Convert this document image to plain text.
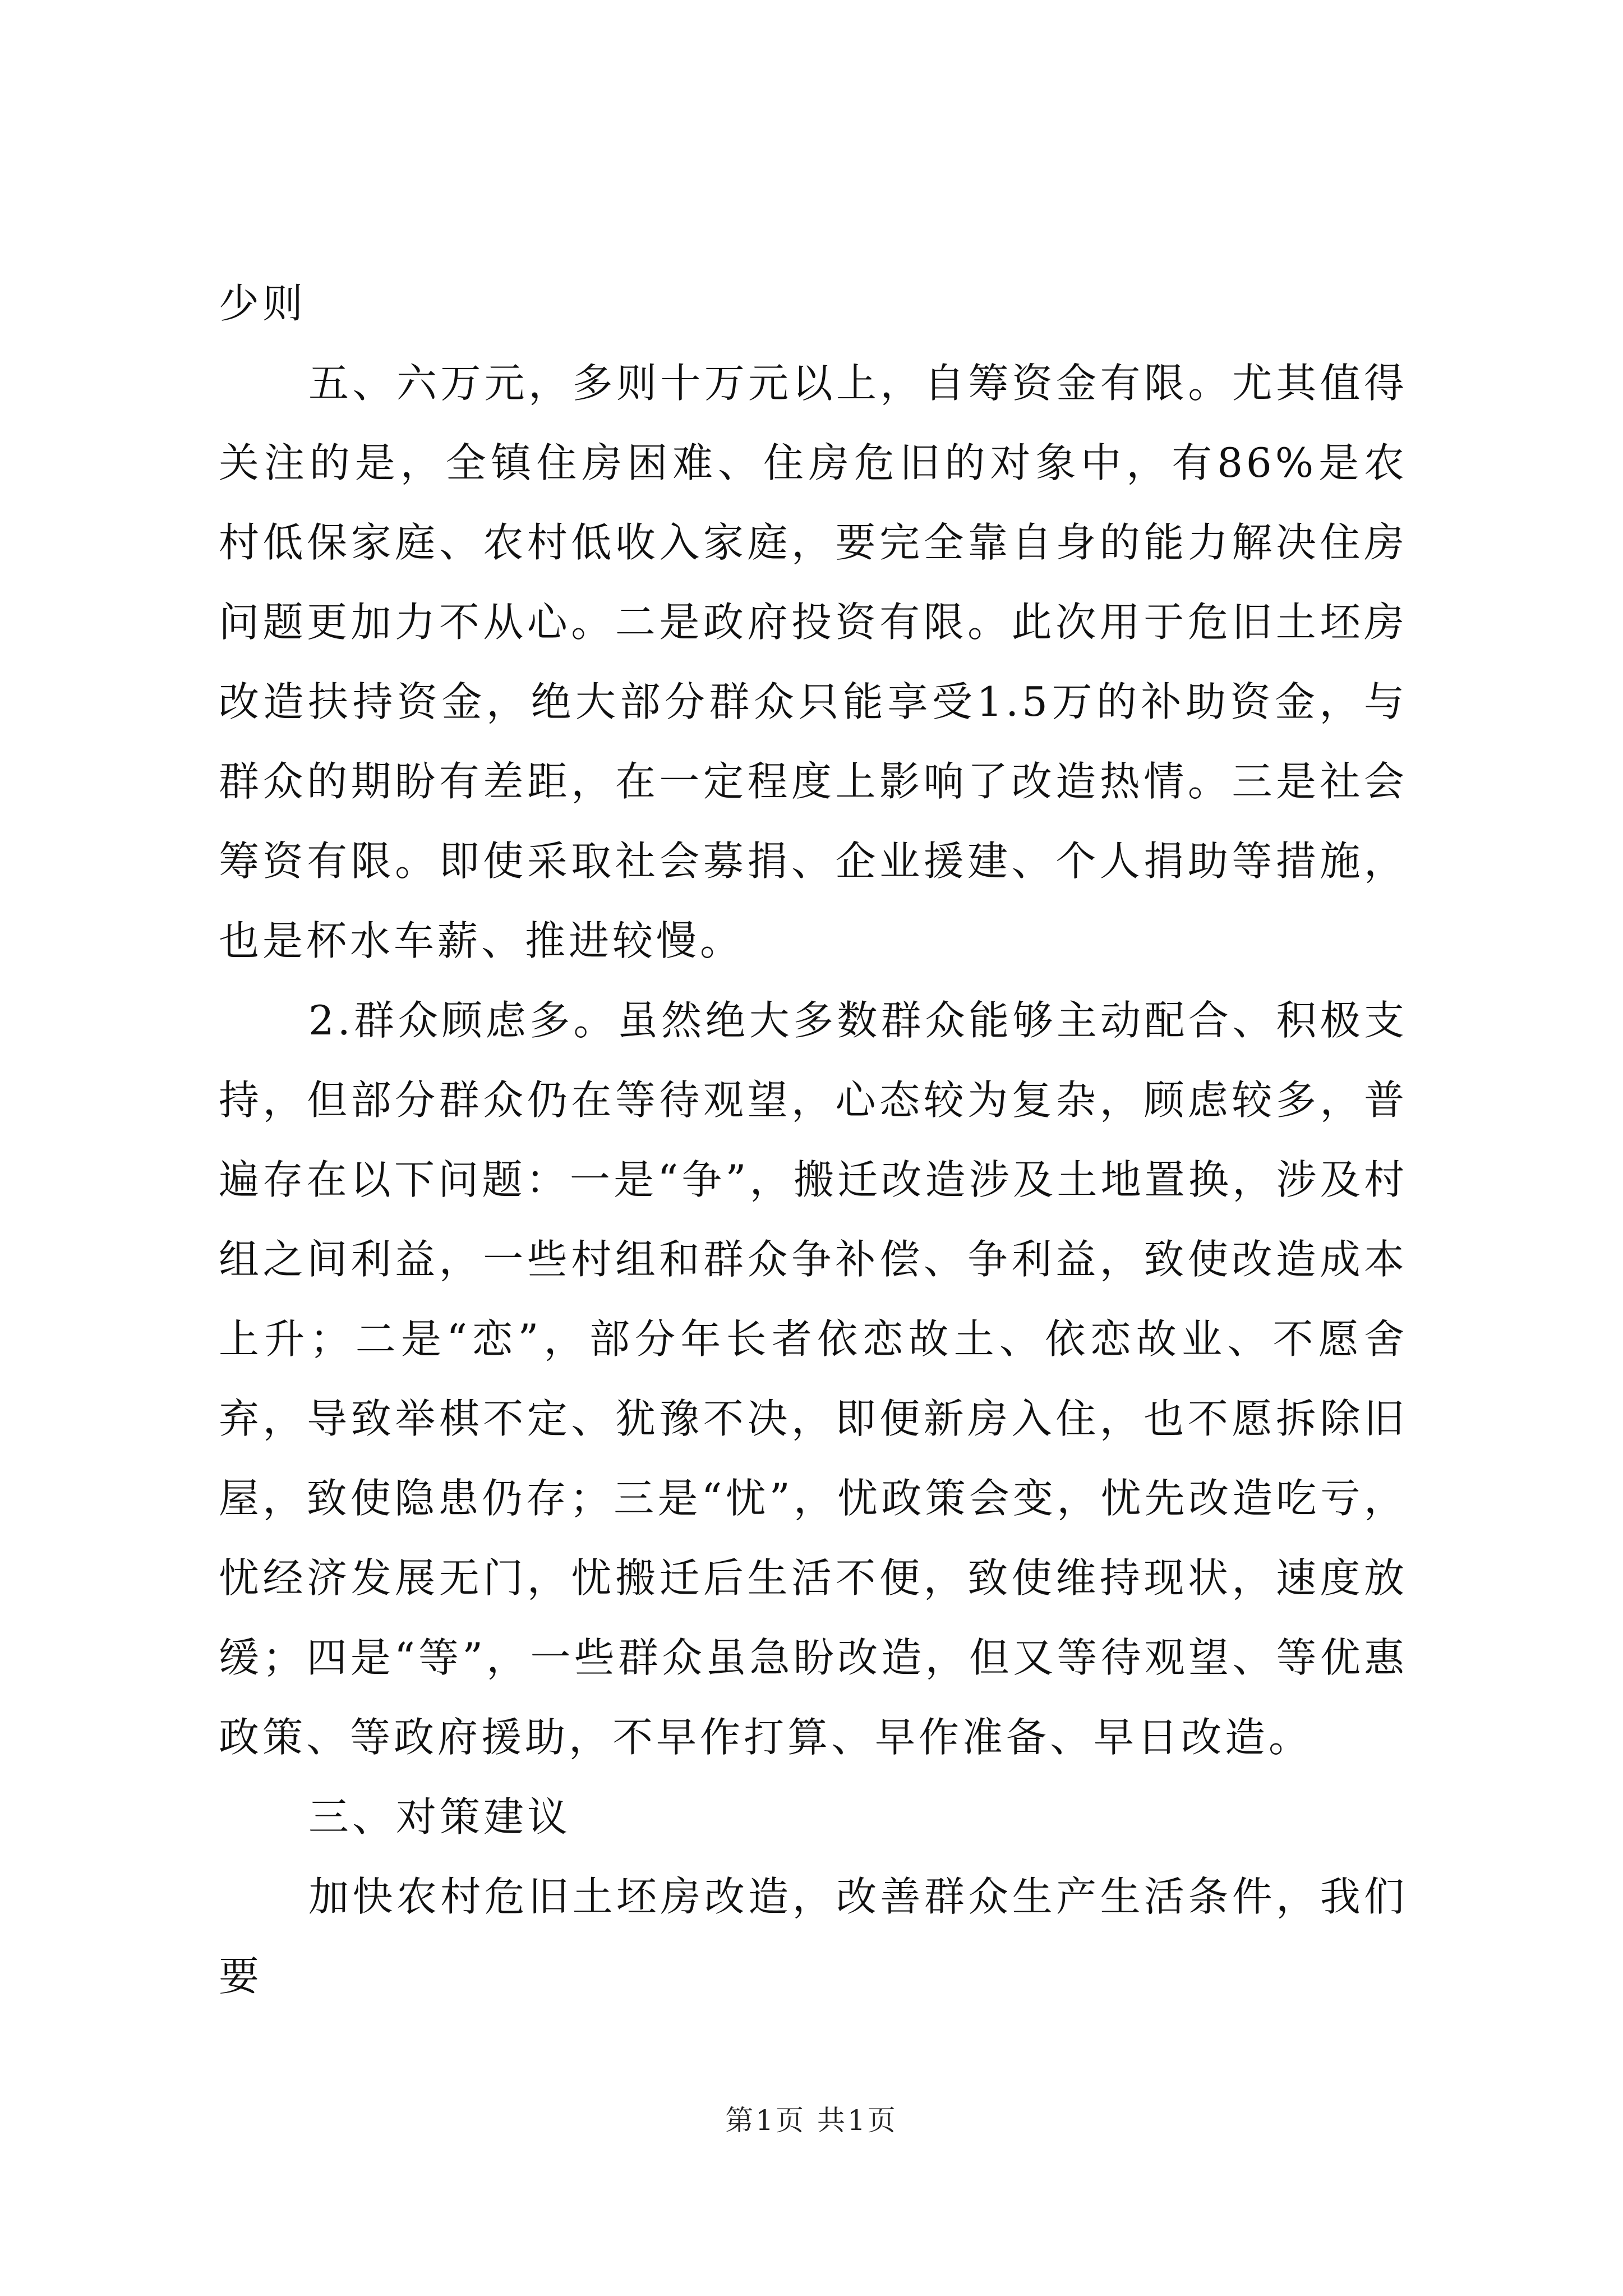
少则

五、六万元，多则十万元以上，自筹资金有限。尤其值得关注的是，全镇住房困难、住房危旧的对象中，有86%是农村低保家庭、农村低收入家庭，要完全靠自身的能力解决住房问题更加力不从心。二是政府投资有限。此次用于危旧土坯房改造扶持资金，绝大部分群众只能享受1.5万的补助资金，与群众的期盼有差距，在一定程度上影响了改造热情。三是社会筹资有限。即使采取社会募捐、企业援建、个人捐助等措施，也是杯水车薪、推进较慢。

2.群众顾虑多。虽然绝大多数群众能够主动配合、积极支持，但部分群众仍在等待观望，心态较为复杂，顾虑较多，普遍存在以下问题：一是“争”，搬迁改造涉及土地置换，涉及村组之间利益，一些村组和群众争补偿、争利益，致使改造成本上升；二是“恋”，部分年长者依恋故土、依恋故业、不愿舍弃，导致举棋不定、犹豫不决，即便新房入住，也不愿拆除旧屋，致使隐患仍存；三是“忧”，忧政策会变，忧先改造吃亏，忧经济发展无门，忧搬迁后生活不便，致使维持现状，速度放缓；四是“等”，一些群众虽急盼改造，但又等待观望、等优惠政策、等政府援助，不早作打算、早作准备、早日改造。

三、对策建议

加快农村危旧土坯房改造，改善群众生产生活条件，我们要

第1页 共1页
